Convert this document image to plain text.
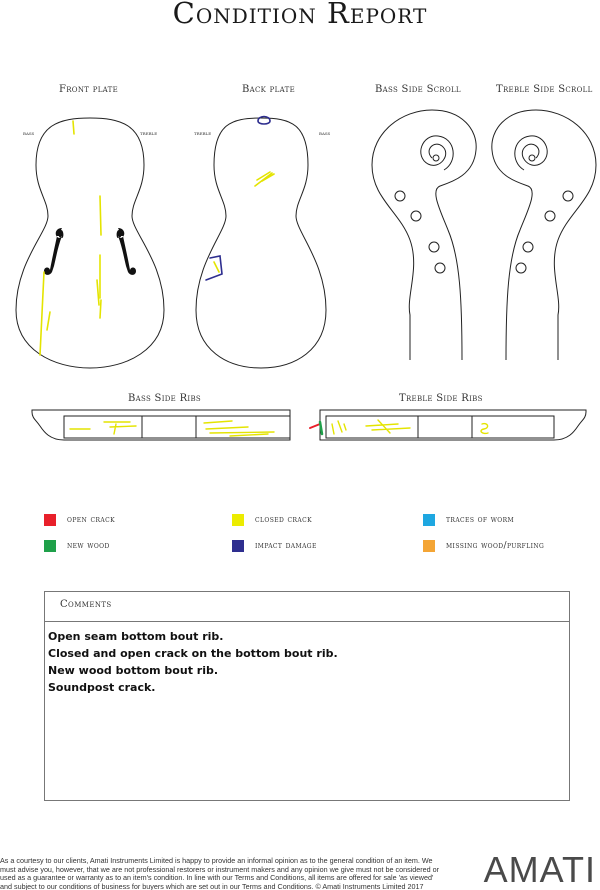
Condition Report
Front plate	Back plate	Bass Side Scroll	Treble Side Scroll
Bass Side Ribs	Treble Side Ribs
bass	treble	treble	bass
open crack	closed crack	traces of worm
new wood	impact damage	missing wood/purfling
Comments
Open seam bottom bout rib.
Closed and open crack on the bottom bout rib.
New wood bottom bout rib.
Soundpost crack.
As a courtesy to our clients, Amati Instruments Limited is happy to provide an informal opinion as to the general condition of an item. We must advise you, however, that we are not professional restorers or instrument makers and any opinion we give must not be considered or used as a guarantee or warranty as to an item's condition. In line with our Terms and Conditions, all items are offered for sale 'as viewed' and subject to our conditions of business for buyers which are set out in our Terms and Conditions. © Amati Instruments Limited 2017	AMATI
